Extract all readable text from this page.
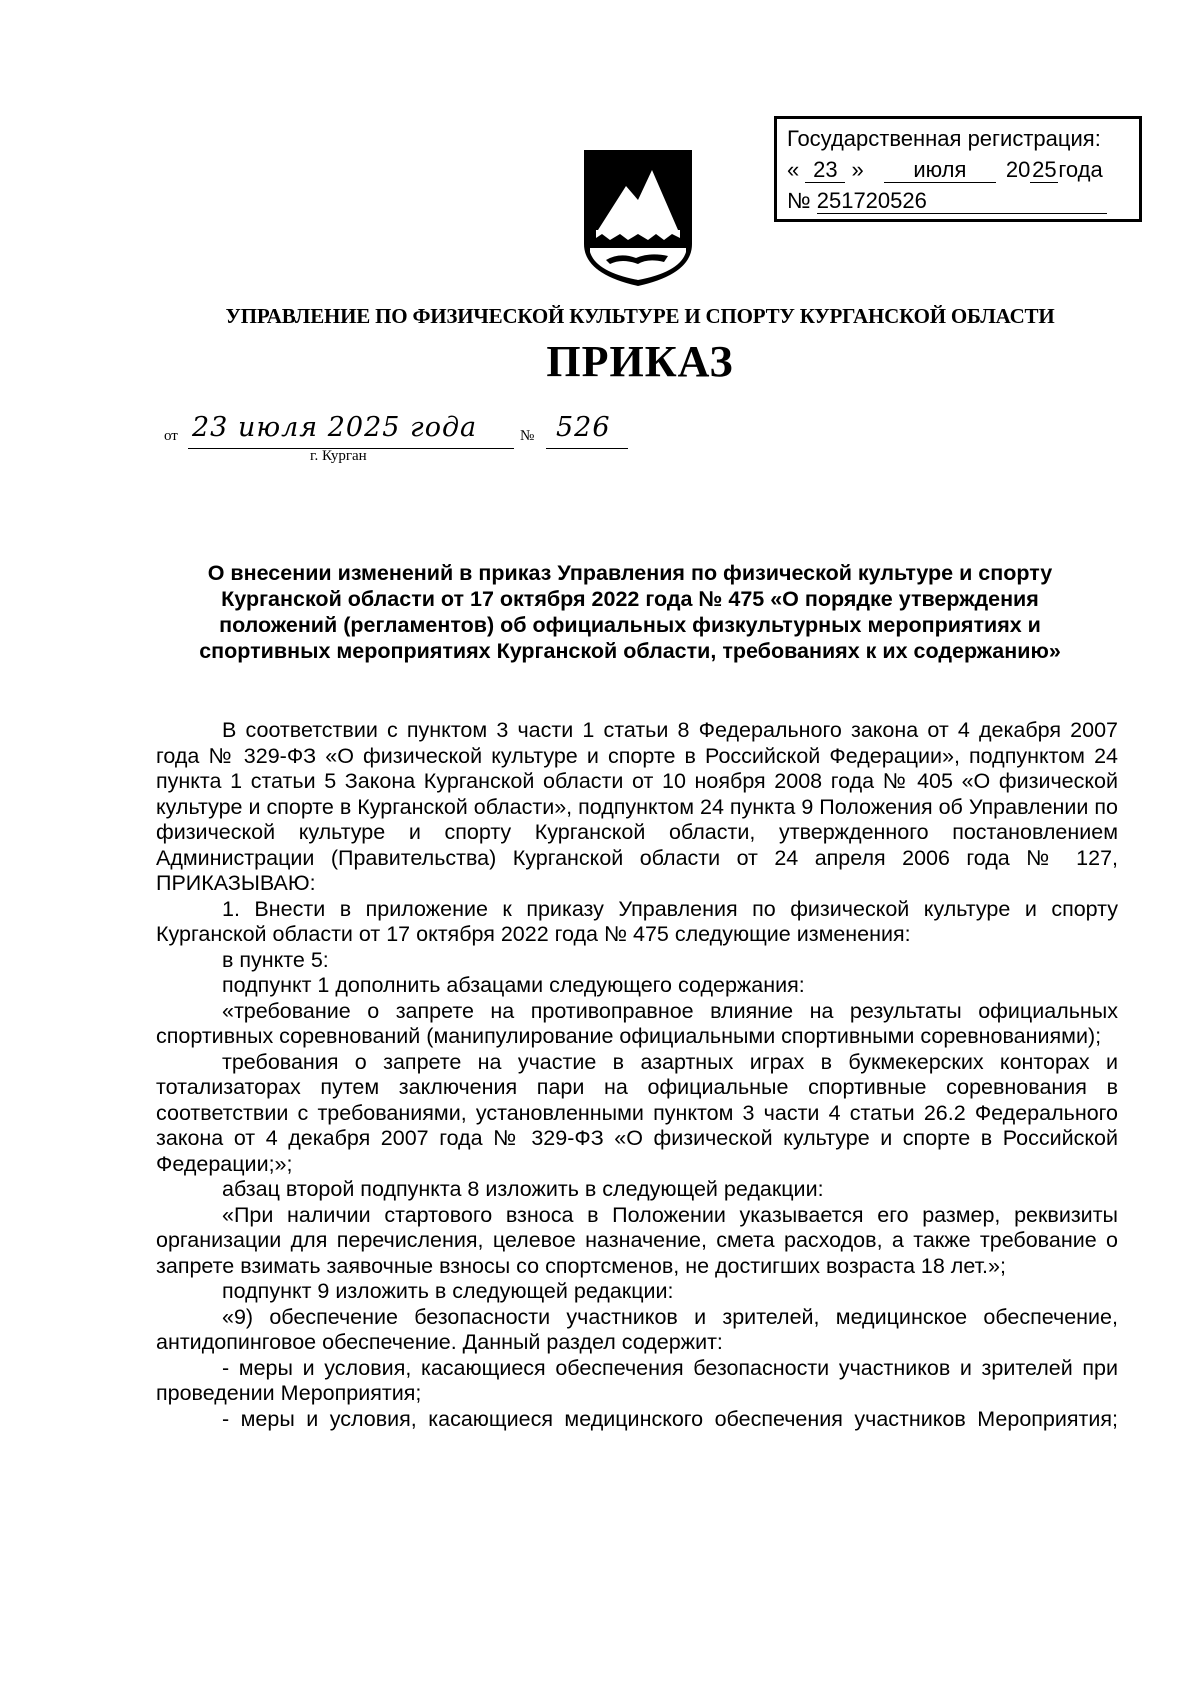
Государственная регистрация:
« 23 » июля 2025года
№ 251720526
УПРАВЛЕНИЕ ПО ФИЗИЧЕСКОЙ КУЛЬТУРЕ И СПОРТУ КУРГАНСКОЙ ОБЛАСТИ
ПРИКАЗ
от 23 июля 2025 года	№ 526
г. Курган
О внесении изменений в приказ Управления по физической культуре и спорту
Курганской области от 17 октября 2022 года № 475 «О порядке утверждения
положений (регламентов) об официальных физкультурных мероприятиях и
спортивных мероприятиях Курганской области, требованиях к их содержанию»

В соответствии с пунктом 3 части 1 статьи 8 Федерального закона от 4 декабря 2007 года № 329-ФЗ «О физической культуре и спорте в Российской Федерации», подпунктом 24 пункта 1 статьи 5 Закона Курганской области от 10 ноября 2008 года № 405 «О физической культуре и спорте в Курганской области», подпунктом 24 пункта 9 Положения об Управлении по физической культуре и спорту Курганской области, утвержденного постановлением Администрации (Правительства) Курганской области от 24 апреля 2006 года № 127, ПРИКАЗЫВАЮ:

1. Внести в приложение к приказу Управления по физической культуре и спорту Курганской области от 17 октября 2022 года № 475 следующие изменения:

в пункте 5:

подпункт 1 дополнить абзацами следующего содержания:

«требование о запрете на противоправное влияние на результаты официальных спортивных соревнований (манипулирование официальными спортивными соревнованиями);

требования о запрете на участие в азартных играх в букмекерских конторах и тотализаторах путем заключения пари на официальные спортивные соревнования в соответствии с требованиями, установленными пунктом 3 части 4 статьи 26.2 Федерального закона от 4 декабря 2007 года № 329-ФЗ «О физической культуре и спорте в Российской Федерации;»;

абзац второй подпункта 8 изложить в следующей редакции:

«При наличии стартового взноса в Положении указывается его размер, реквизиты организации для перечисления, целевое назначение, смета расходов, а также требование о запрете взимать заявочные взносы со спортсменов, не достигших возраста 18 лет.»;

подпункт 9 изложить в следующей редакции:

«9) обеспечение безопасности участников и зрителей, медицинское обеспечение, антидопинговое обеспечение. Данный раздел содержит:

- меры и условия, касающиеся обеспечения безопасности участников и зрителей при проведении Мероприятия;

- меры и условия, касающиеся медицинского обеспечения участников Мероприятия;
